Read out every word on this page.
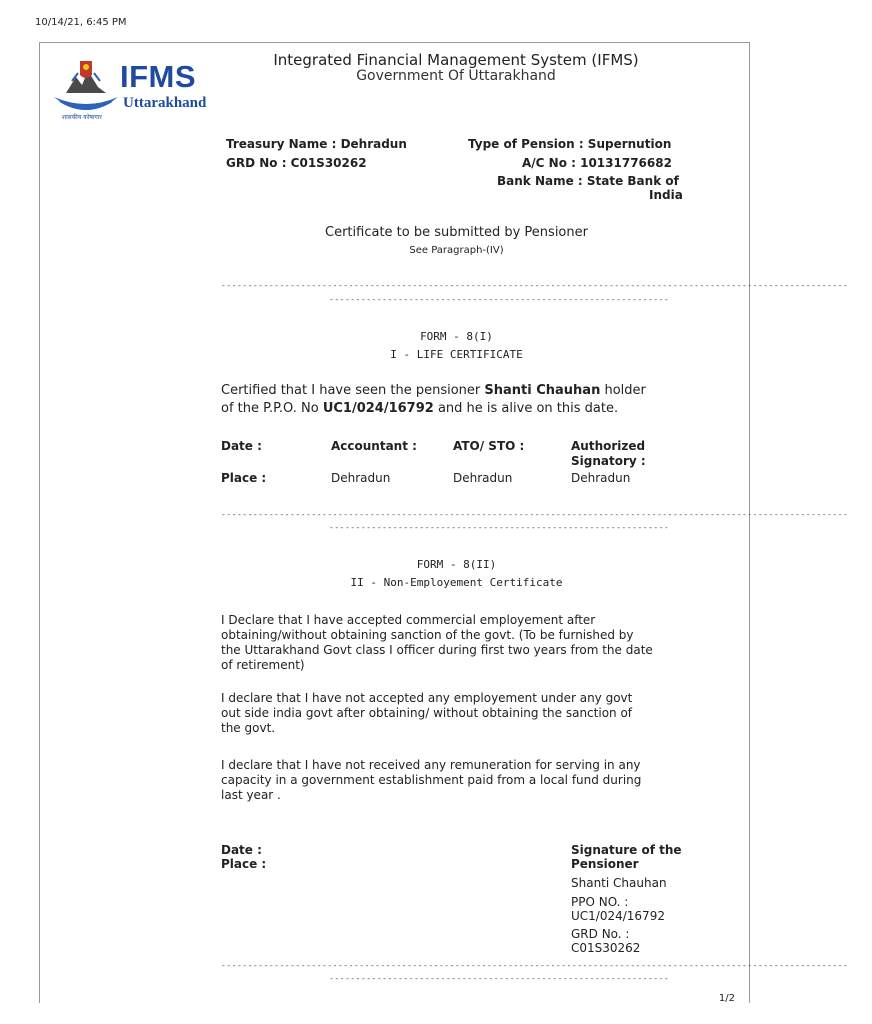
10/14/21, 6:45 PM
1/2
IFMS
Uttarakhand
शासकीय कोषागार
Integrated Financial Management System (IFMS)
Government Of Uttarakhand
Treasury Name : Dehradun
GRD No : C01S30262
Type of Pension : Supernution
A/C No : 10131776682
Bank Name : State Bank of
India
Certificate to be submitted by Pensioner
See Paragraph-(IV)
----------------------------------------------------------------------------------------------------------------------
----------------------------------------------------------------
FORM - 8(I)
I - LIFE CERTIFICATE
Certified that I have seen the pensioner Shanti Chauhan holder
of the P.P.O. No UC1/024/16792 and he is alive on this date.
Date :	Accountant :	ATO/ STO :	Authorized
Signatory :
Place :	Dehradun	Dehradun	Dehradun
----------------------------------------------------------------------------------------------------------------------
----------------------------------------------------------------
FORM - 8(II)
II - Non-Employement Certificate
I Declare that I have accepted commercial employement after
obtaining/without obtaining sanction of the govt. (To be furnished by
the Uttarakhand Govt class I officer during first two years from the date
of retirement)
I declare that I have not accepted any employement under any govt
out side india govt after obtaining/ without obtaining the sanction of
the govt.
I declare that I have not received any remuneration for serving in any
capacity in a government establishment paid from a local fund during
last year .
Date :
Place :
Signature of the
Pensioner
Shanti Chauhan
PPO NO. :
UC1/024/16792
GRD No. :
C01S30262
----------------------------------------------------------------------------------------------------------------------
----------------------------------------------------------------
